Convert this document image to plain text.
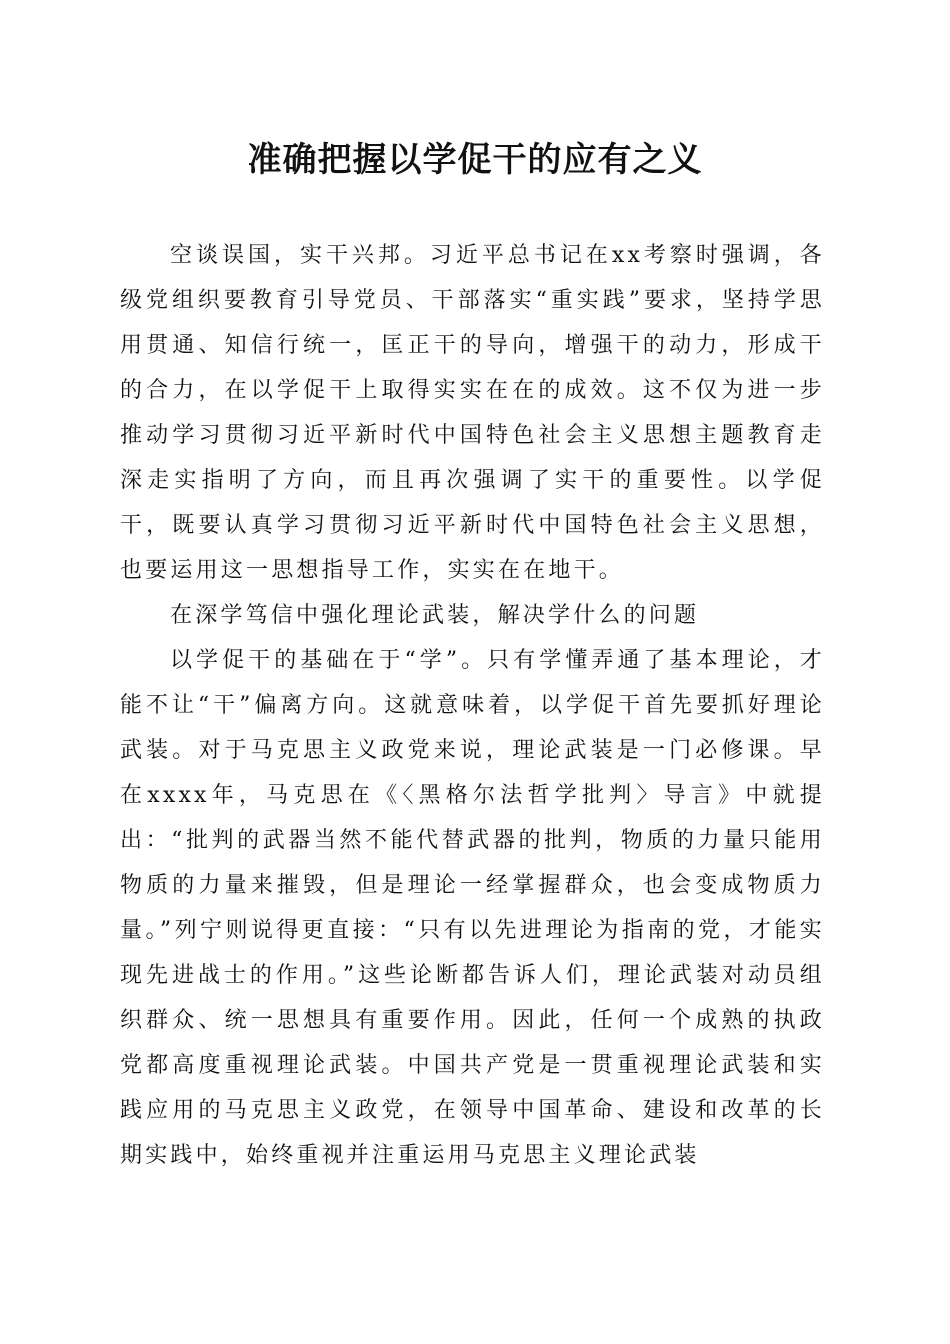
准确把握以学促干的应有之义

空谈误国，实干兴邦。习近平总书记在xx考察时强调，各级党组织要教育引导党员、干部落实“重实践”要求，坚持学思用贯通、知信行统一，匡正干的导向，增强干的动力，形成干的合力，在以学促干上取得实实在在的成效。这不仅为进一步推动学习贯彻习近平新时代中国特色社会主义思想主题教育走深走实指明了方向，而且再次强调了实干的重要性。以学促干，既要认真学习贯彻习近平新时代中国特色社会主义思想，也要运用这一思想指导工作，实实在在地干。

在深学笃信中强化理论武装，解决学什么的问题

以学促干的基础在于“学”。只有学懂弄通了基本理论，才能不让“干”偏离方向。这就意味着，以学促干首先要抓好理论武装。对于马克思主义政党来说，理论武装是一门必修课。早在xxxx年，马克思在《〈黑格尔法哲学批判〉导言》中就提出：“批判的武器当然不能代替武器的批判，物质的力量只能用物质的力量来摧毁，但是理论一经掌握群众，也会变成物质力量。”列宁则说得更直接：“只有以先进理论为指南的党，才能实现先进战士的作用。”这些论断都告诉人们，理论武装对动员组织群众、统一思想具有重要作用。因此，任何一个成熟的执政党都高度重视理论武装。中国共产党是一贯重视理论武装和实践应用的马克思主义政党，在领导中国革命、建设和改革的长期实践中，始终重视并注重运用马克思主义理论武装
